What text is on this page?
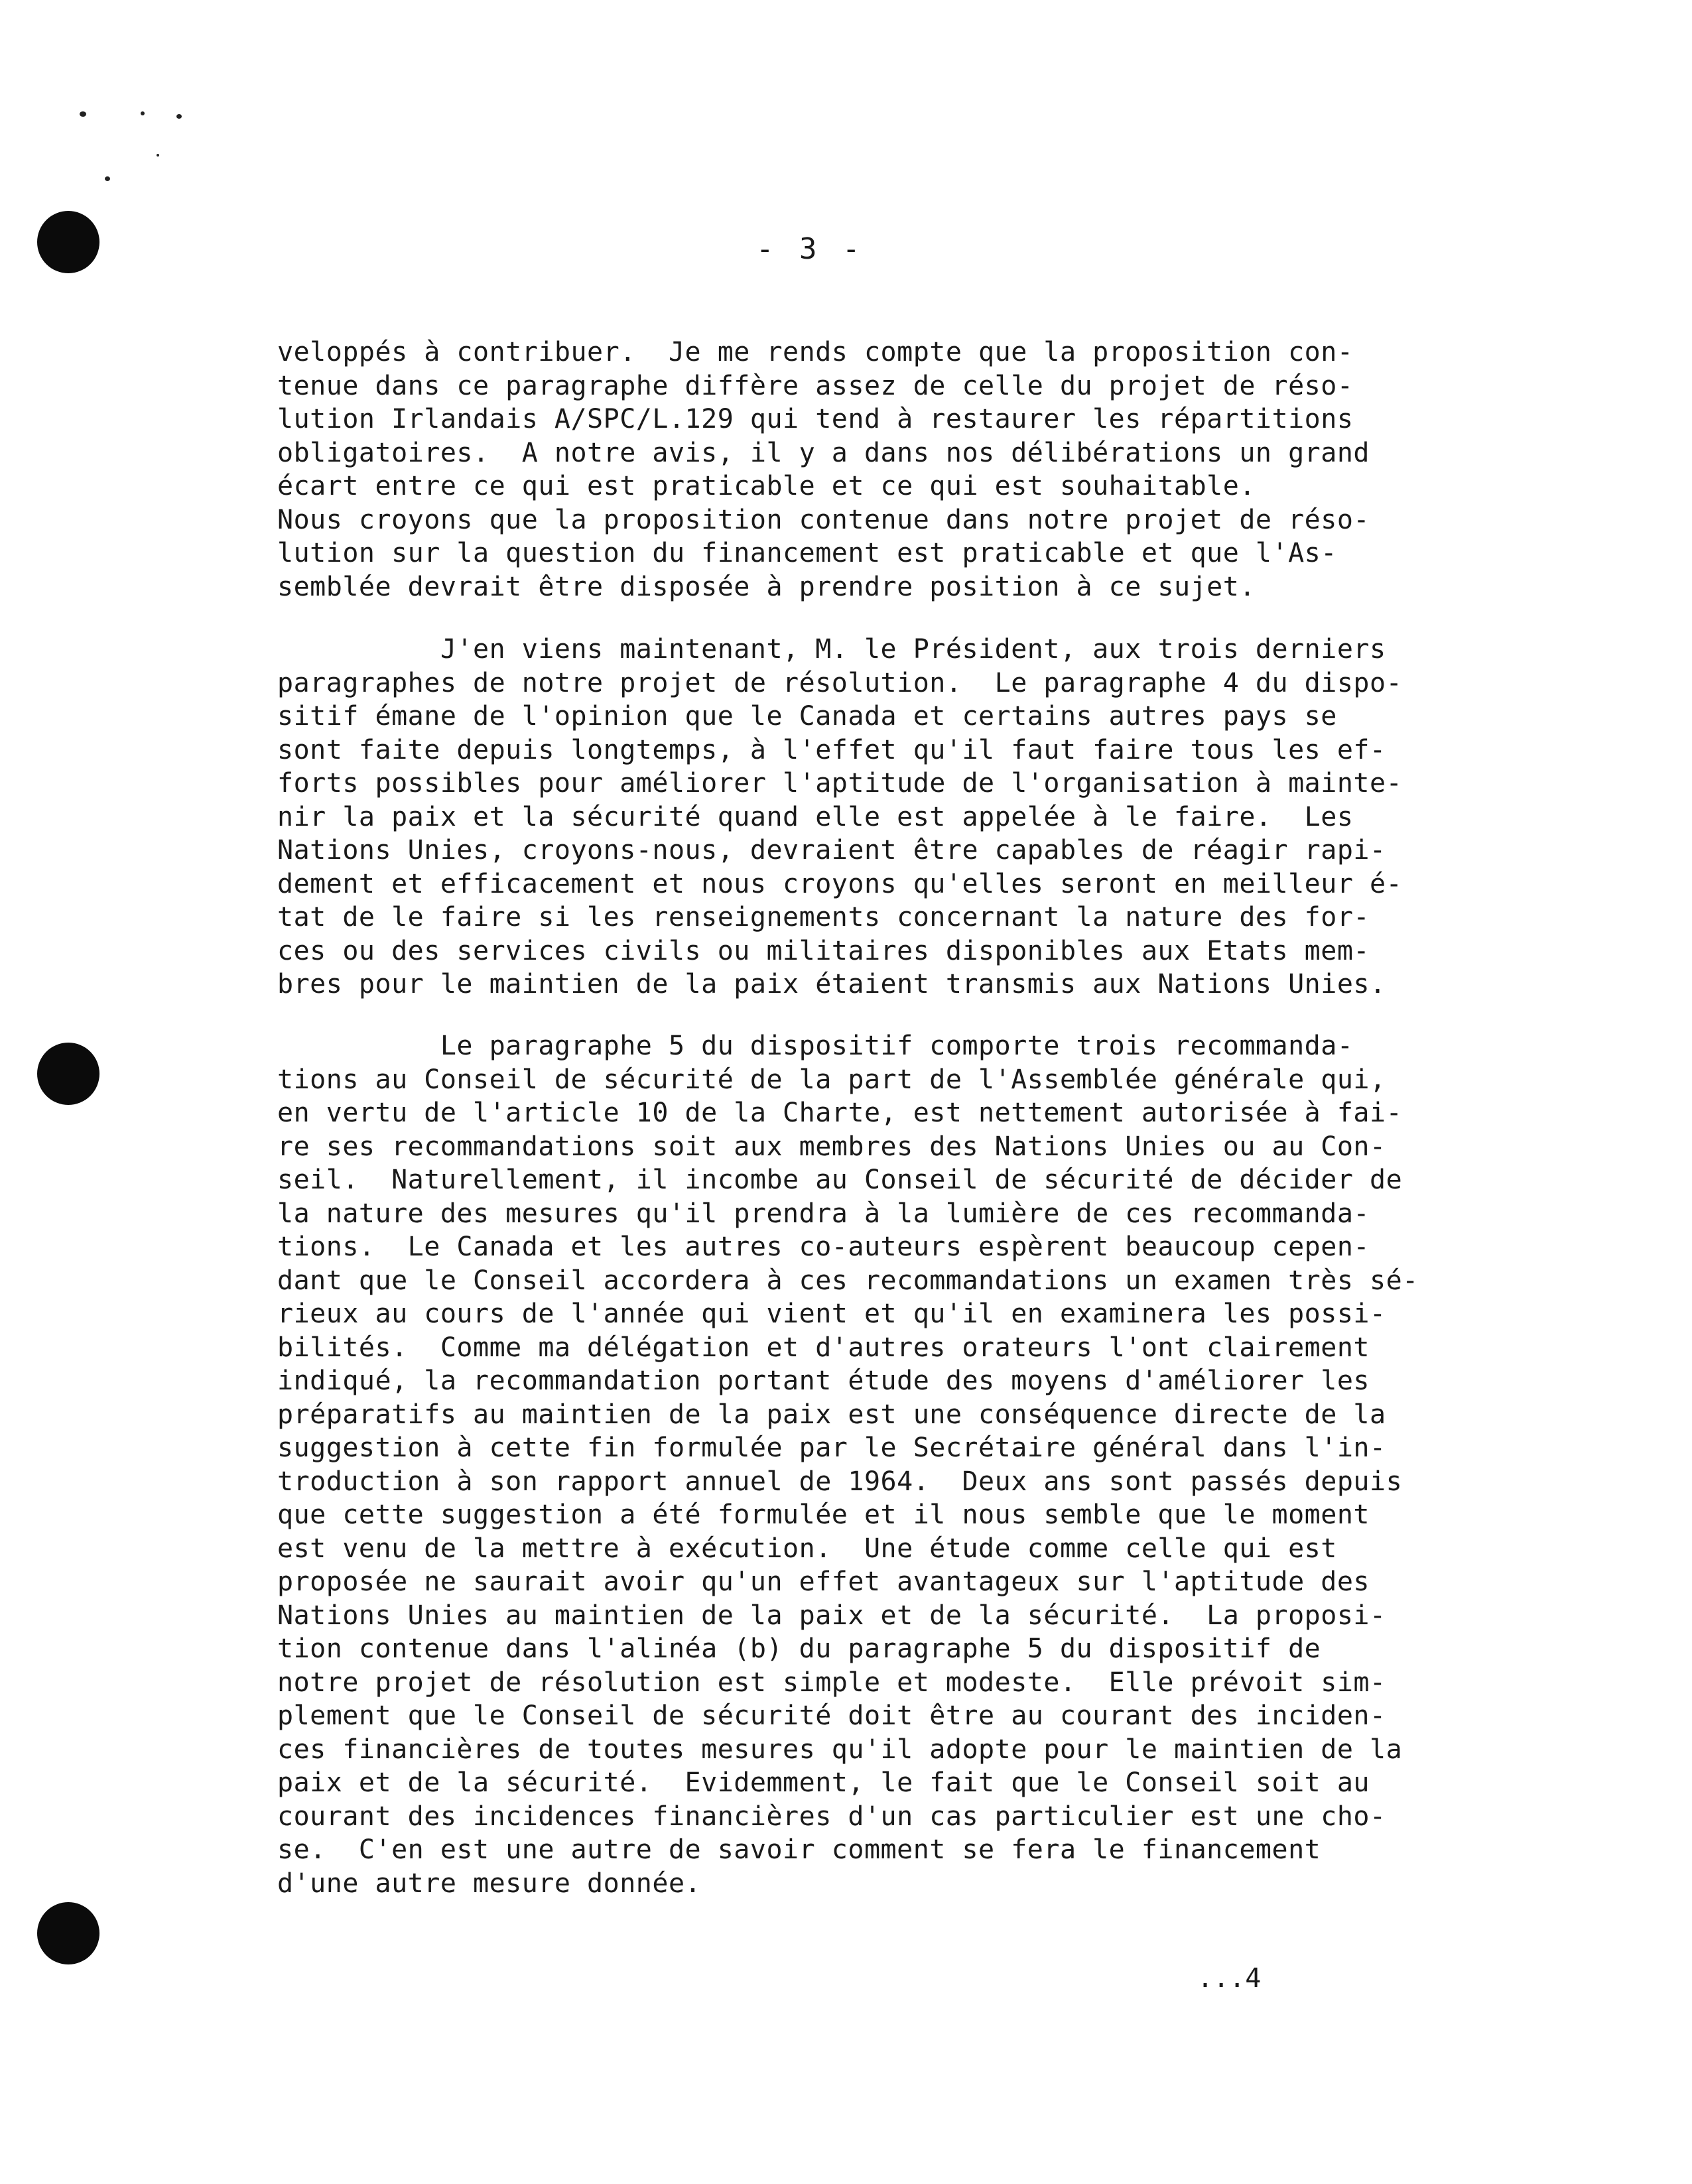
- 3 -
veloppés à contribuer.  Je me rends compte que la proposition con-
tenue dans ce paragraphe diffère assez de celle du projet de réso-
lution Irlandais A/SPC/L.129 qui tend à restaurer les répartitions
obligatoires.  A notre avis, il y a dans nos délibérations un grand
écart entre ce qui est praticable et ce qui est souhaitable.
Nous croyons que la proposition contenue dans notre projet de réso-
lution sur la question du financement est praticable et que l'As-
semblée devrait être disposée à prendre position à ce sujet.
J'en viens maintenant, M. le Président, aux trois derniers
paragraphes de notre projet de résolution.  Le paragraphe 4 du dispo-
sitif émane de l'opinion que le Canada et certains autres pays se
sont faite depuis longtemps, à l'effet qu'il faut faire tous les ef-
forts possibles pour améliorer l'aptitude de l'organisation à mainte-
nir la paix et la sécurité quand elle est appelée à le faire.  Les
Nations Unies, croyons-nous, devraient être capables de réagir rapi-
dement et efficacement et nous croyons qu'elles seront en meilleur é-
tat de le faire si les renseignements concernant la nature des for-
ces ou des services civils ou militaires disponibles aux Etats mem-
bres pour le maintien de la paix étaient transmis aux Nations Unies.
Le paragraphe 5 du dispositif comporte trois recommanda-
tions au Conseil de sécurité de la part de l'Assemblée générale qui,
en vertu de l'article 10 de la Charte, est nettement autorisée à fai-
re ses recommandations soit aux membres des Nations Unies ou au Con-
seil.  Naturellement, il incombe au Conseil de sécurité de décider de
la nature des mesures qu'il prendra à la lumière de ces recommanda-
tions.  Le Canada et les autres co-auteurs espèrent beaucoup cepen-
dant que le Conseil accordera à ces recommandations un examen très sé-
rieux au cours de l'année qui vient et qu'il en examinera les possi-
bilités.  Comme ma délégation et d'autres orateurs l'ont clairement
indiqué, la recommandation portant étude des moyens d'améliorer les
préparatifs au maintien de la paix est une conséquence directe de la
suggestion à cette fin formulée par le Secrétaire général dans l'in-
troduction à son rapport annuel de 1964.  Deux ans sont passés depuis
que cette suggestion a été formulée et il nous semble que le moment
est venu de la mettre à exécution.  Une étude comme celle qui est
proposée ne saurait avoir qu'un effet avantageux sur l'aptitude des
Nations Unies au maintien de la paix et de la sécurité.  La proposi-
tion contenue dans l'alinéa (b) du paragraphe 5 du dispositif de
notre projet de résolution est simple et modeste.  Elle prévoit sim-
plement que le Conseil de sécurité doit être au courant des inciden-
ces financières de toutes mesures qu'il adopte pour le maintien de la
paix et de la sécurité.  Evidemment, le fait que le Conseil soit au
courant des incidences financières d'un cas particulier est une cho-
se.  C'en est une autre de savoir comment se fera le financement
d'une autre mesure donnée.
...4
